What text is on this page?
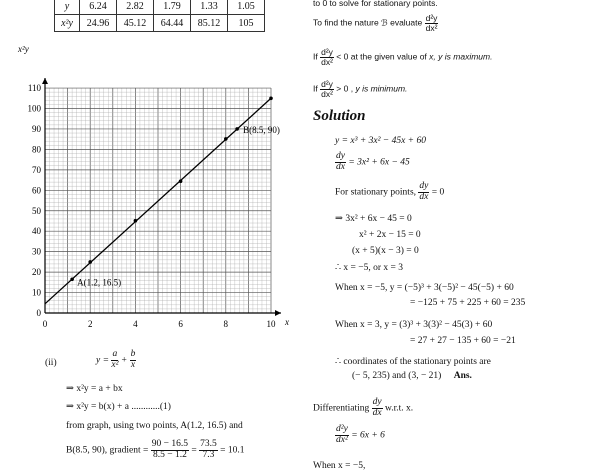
y	6.24	2.82	1.79	1.33	1.05
x²y	24.96	45.12	64.44	85.12	105
0	2	4	6	8	10
0
10
20
30
40
50
60
70
80
90
100
110
x
x²y
A(1.2, 16.5)
B(8.5, 90)
(ii)	$y = \frac{a}{\text{x²}} + \frac{b}{x}$
⇒ x²y = a + bx
⇒ x²y = b(x) + a ............(1)
from graph, using two points, A(1.2, 16.5) and
B(8.5, 90), gradient = $\frac{90 - 16.5}{8.5 - 1.2} = \frac{73.5}{7.3} = 10.1$
to 0 to solve for stationary points.
To find the nature ℬ evaluate $\frac{\text{d²y}}{\text{dx²}}$
If $\frac{\text{d²y}}{\text{dx²}} < 0$ at the given value of x, y is maximum.
If $\frac{\text{d²y}}{\text{dx²}} > 0$ , y is minimum.
Solution
y = x³ + 3x² − 45x + 60
$\frac{dy}{dx} = 3x^2 + 6x - 45$
For stationary points, $\frac{dy}{dx} = 0$
⇒ 3x² + 6x − 45 = 0
x² + 2x − 15 = 0
(x + 5)(x − 3) = 0
∴ x = −5, or x = 3
When x = −5, y = (−5)³ + 3(−5)² − 45(−5) + 60
= −125 + 75 + 225 + 60 = 235
When x = 3, y = (3)³ + 3(3)² − 45(3) + 60
= 27 + 27 − 135 + 60 = −21
∴ coordinates of the stationary points are
(− 5, 235) and (3, − 21) Ans.
Differentiating $\frac{dy}{dx} w.r.t$. x.
$\frac{\text{d²y}}{\text{dx²}} = 6x + 6$
When x = −5,
